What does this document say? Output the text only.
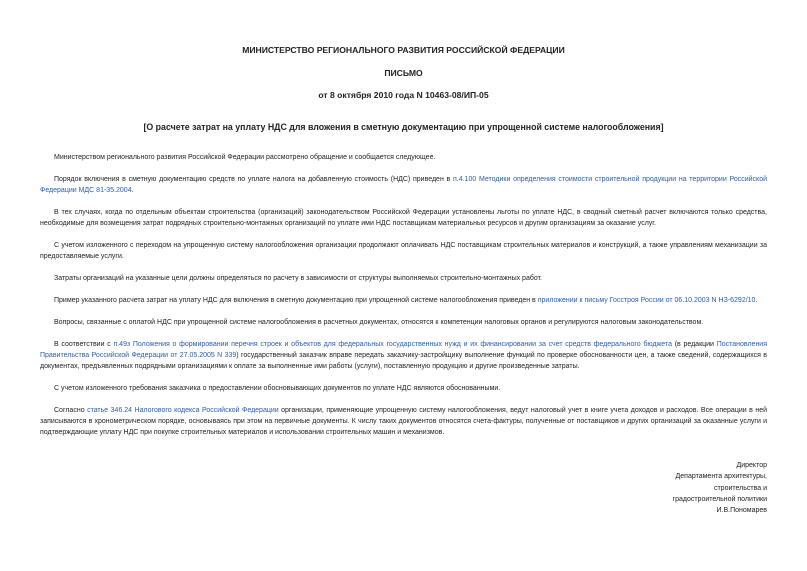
МИНИСТЕРСТВО РЕГИОНАЛЬНОГО РАЗВИТИЯ РОССИЙСКОЙ ФЕДЕРАЦИИ
ПИСЬМО
от 8 октября 2010 года N 10463-08/ИП-05
[О расчете затрат на уплату НДС для вложения в сметную документацию при упрощенной системе налогообложения]

Министерством регионального развития Российской Федерации рассмотрено обращение и сообщается следующее.

Порядок включения в сметную документацию средств по уплате налога на добавленную стоимость (НДС) приведен в п.4.100 Методики определения стоимости строительной продукции на территории Российской Федерации МДС 81-35.2004.

В тех случаях, когда по отдельным объектам строительства (организаций) законодательством Российской Федерации установлены льготы по уплате НДС, в сводный сметный расчет включаются только средства, необходимые для возмещения затрат подрядных строительно-монтажных организаций по уплате ими НДС поставщикам материальных ресурсов и другим организациям за оказание услуг.

С учетом изложенного с переходом на упрощенную систему налогообложения организации продолжают оплачивать НДС поставщикам строительных материалов и конструкций, а также управлениям механизации за предоставляемые услуги.

Затраты организаций на указанные цели должны определяться по расчету в зависимости от структуры выполняемых строительно-монтажных работ.

Пример указанного расчета затрат на уплату НДС для включения в сметную документацию при упрощенной системе налогообложения приведен в приложении к письму Госстроя России от 06.10.2003 N НЗ-6292/10.

Вопросы, связанные с оплатой НДС при упрощенной системе налогообложения в расчетных документах, относятся к компетенции налоговых органов и регулируются налоговым законодательством.

В соответствии с п.49з Положения о формировании перечня строек и объектов для федеральных государственных нужд и их финансировании за счет средств федерального бюджета (в редакции Постановления Правительства Российской Федерации от 27.05.2005 N 339) государственный заказчик вправе передать заказчику-застройщику выполнение функций по проверке обоснованности цен, а также сведений, содержащихся в документах, предъявленных подрядными организациями к оплате за выполненные ими работы (услуги), поставленную продукцию и другие произведенные затраты.

С учетом изложенного требования заказчика о предоставлении обосновывающих документов по уплате НДС являются обоснованными.

Согласно статье 346.24 Налогового кодекса Российской Федерации организации, применяющие упрощенную систему налогообложения, ведут налоговый учет в книге учета доходов и расходов. Все операции в ней записываются в хронометрическом порядке, основываясь при этом на первичные документы. К числу таких документов относятся счета-фактуры, полученные от поставщиков и других организаций за оказанные услуги и подтверждающие уплату НДС при покупке строительных материалов и использовании строительных машин и механизмов.

Директор
Департамента архитектуры,
строительства и
градостроительной политики
И.В.Пономарев
